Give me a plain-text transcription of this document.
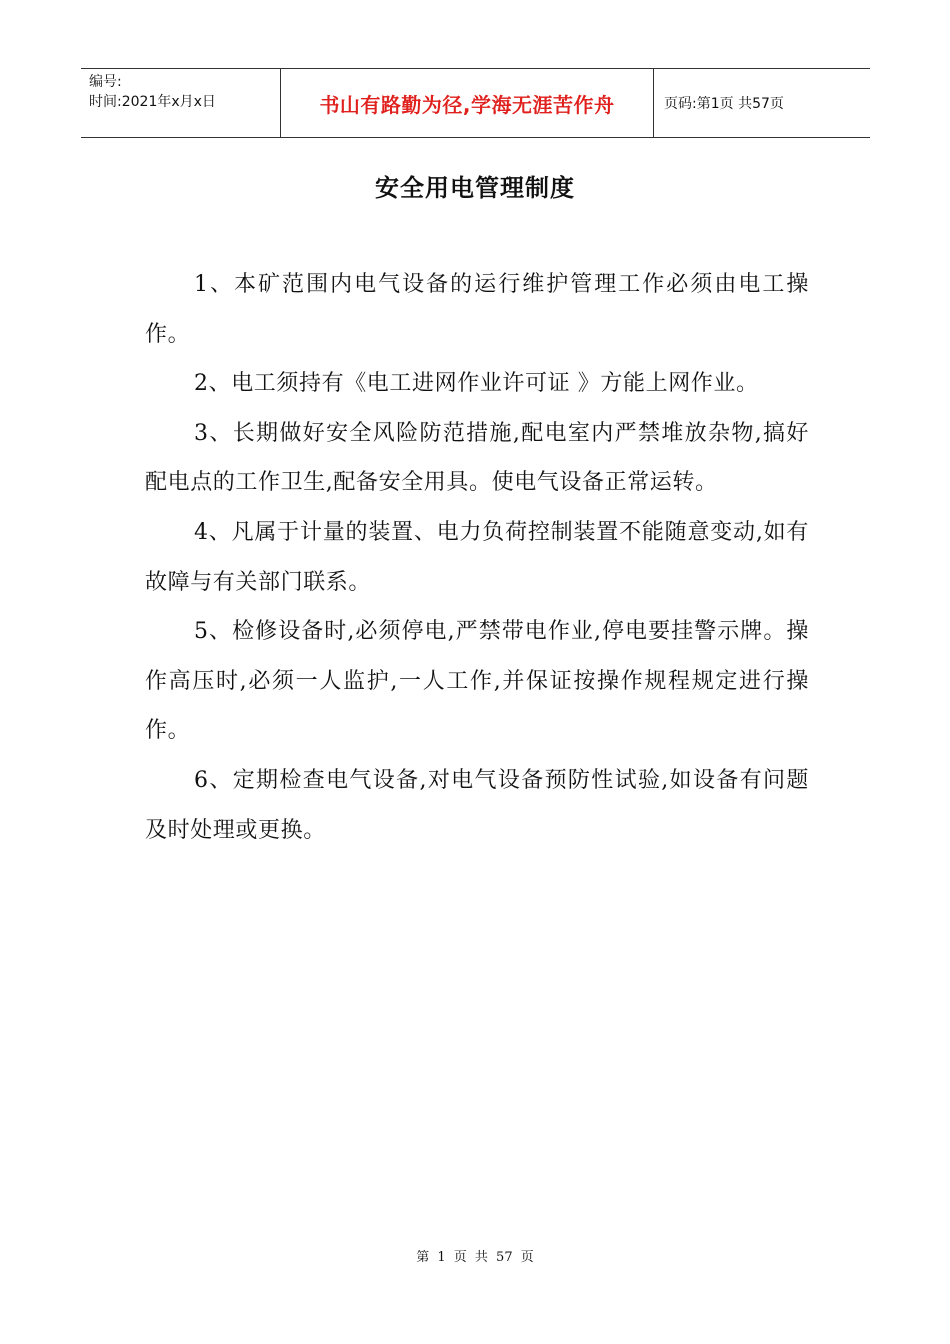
编号:
时间:2021年x月x日	书山有路勤为径,学海无涯苦作舟	页码:第1页 共57页
安全用电管理制度

1、本矿范围内电气设备的运行维护管理工作必须由电工操作。

2、电工须持有《电工进网作业许可证 》方能上网作业。

3、长期做好安全风险防范措施,配电室内严禁堆放杂物,搞好配电点的工作卫生,配备安全用具。使电气设备正常运转。

4、凡属于计量的装置、电力负荷控制装置不能随意变动,如有故障与有关部门联系。

5、检修设备时,必须停电,严禁带电作业,停电要挂警示牌。操作高压时,必须一人监护,一人工作,并保证按操作规程规定进行操作。

6、定期检查电气设备,对电气设备预防性试验,如设备有问题及时处理或更换。

第 1 页 共 57 页
